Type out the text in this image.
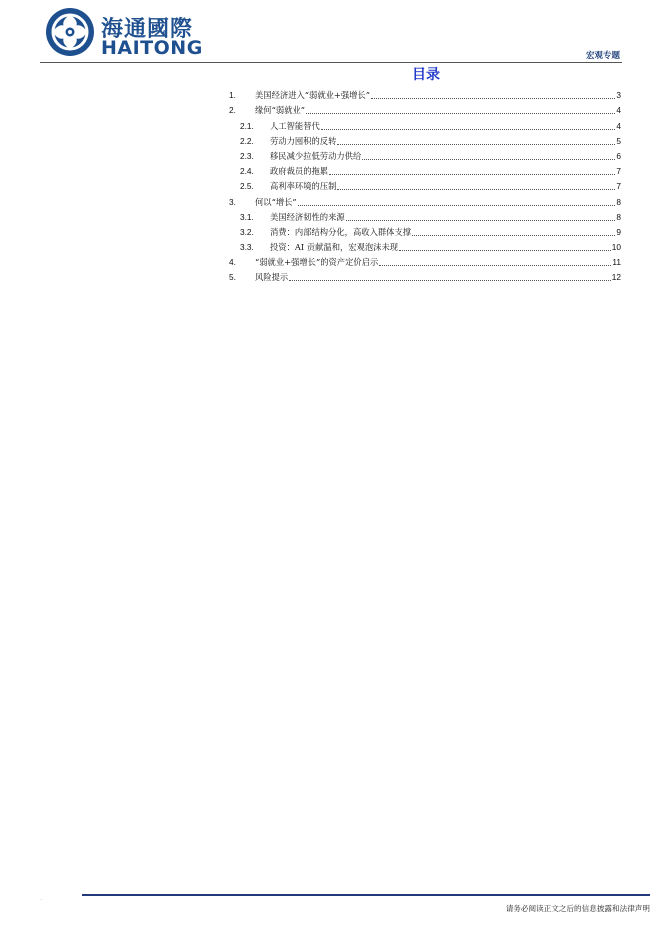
海通國際
HAITONG	宏观专题
目录
1.	美国经济进入“弱就业+强增长”	3
2.	缘何“弱就业”	4
2.1.	人工智能替代	4
2.2.	劳动力囤积的反转	5
2.3.	移民减少拉低劳动力供给	6
2.4.	政府裁员的拖累	7
2.5.	高利率环境的压制	7
3.	何以“增长”	8
3.1.	美国经济韧性的来源	8
3.2.	消费：内部结构分化，高收入群体支撑	9
3.3.	投资：AI 贡献温和，宏观泡沫未现	10
4.	“弱就业+强增长”的资产定价启示	11
5.	风险提示	12
·
请务必阅读正文之后的信息披露和法律声明
